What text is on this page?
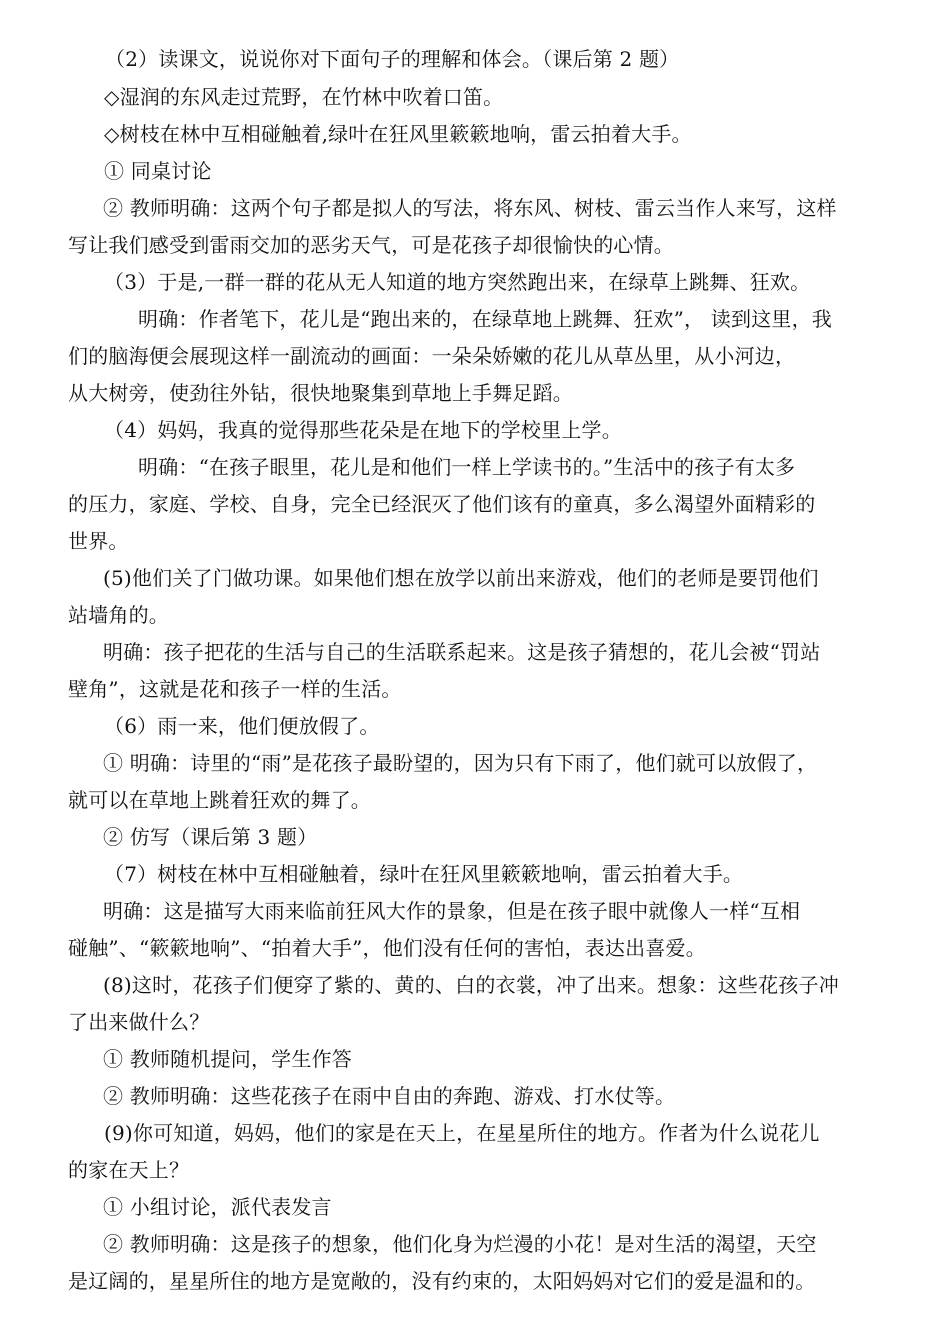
（2）读课文，说说你对下面句子的理解和体会。（课后第 2 题）
◇湿润的东风走过荒野，在竹林中吹着口笛。
◇树枝在林中互相碰触着,绿叶在狂风里簌簌地响，雷云拍着大手。
① 同桌讨论
② 教师明确：这两个句子都是拟人的写法，将东风、树枝、雷云当作人来写，这样
写让我们感受到雷雨交加的恶劣天气，可是花孩子却很愉快的心情。
（3）于是,一群一群的花从无人知道的地方突然跑出来，在绿草上跳舞、狂欢。
明确：作者笔下，花儿是“跑出来的，在绿草地上跳舞、狂欢”， 读到这里，我
们的脑海便会展现这样一副流动的画面：一朵朵娇嫩的花儿从草丛里，从小河边，
从大树旁，使劲往外钻，很快地聚集到草地上手舞足蹈。
（4）妈妈，我真的觉得那些花朵是在地下的学校里上学。
明确：“在孩子眼里，花儿是和他们一样上学读书的。”生活中的孩子有太多
的压力，家庭、学校、自身，完全已经泯灭了他们该有的童真，多么渴望外面精彩的
世界。
(5)他们关了门做功课。如果他们想在放学以前出来游戏，他们的老师是要罚他们
站墙角的。
明确：孩子把花的生活与自己的生活联系起来。这是孩子猜想的，花儿会被“罚站
壁角”，这就是花和孩子一样的生活。
（6）雨一来，他们便放假了。
① 明确：诗里的“雨”是花孩子最盼望的，因为只有下雨了，他们就可以放假了，
就可以在草地上跳着狂欢的舞了。
② 仿写（课后第 3 题）
（7）树枝在林中互相碰触着，绿叶在狂风里簌簌地响，雷云拍着大手。
明确：这是描写大雨来临前狂风大作的景象，但是在孩子眼中就像人一样“互相
碰触”、“簌簌地响”、“拍着大手”，他们没有任何的害怕，表达出喜爱。
(8)这时，花孩子们便穿了紫的、黄的、白的衣裳，冲了出来。想象：这些花孩子冲
了出来做什么？
① 教师随机提问，学生作答
② 教师明确：这些花孩子在雨中自由的奔跑、游戏、打水仗等。
(9)你可知道，妈妈，他们的家是在天上，在星星所住的地方。作者为什么说花儿
的家在天上？
① 小组讨论，派代表发言
② 教师明确：这是孩子的想象，他们化身为烂漫的小花！是对生活的渴望，天空
是辽阔的，星星所住的地方是宽敞的，没有约束的，太阳妈妈对它们的爱是温和的。
